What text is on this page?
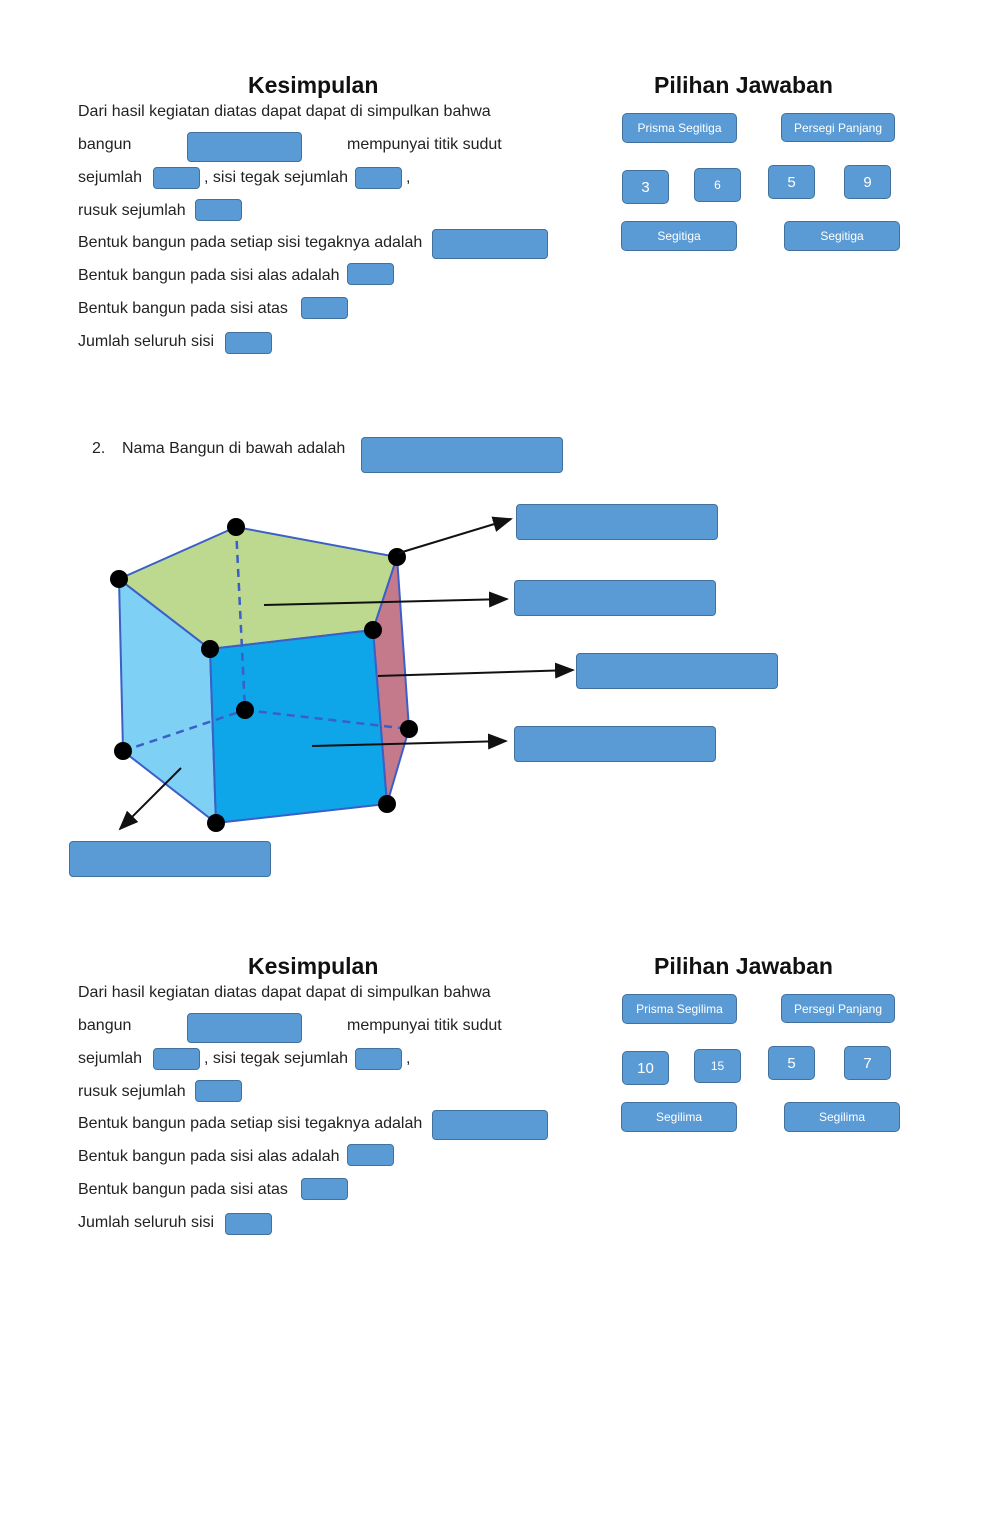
Kesimpulan	Pilihan Jawaban
Dari hasil kegiatan diatas dapat dapat di simpulkan bahwa
bangun	mempunyai titik sudut
sejumlah	, sisi tegak sejumlah	,
rusuk sejumlah
Bentuk bangun pada setiap sisi tegaknya adalah
Bentuk bangun pada sisi alas adalah
Bentuk bangun pada sisi atas
Jumlah seluruh sisi
Prisma Segitiga	Persegi Panjang
3	6	5	9
Segitiga	Segitiga
2. Nama Bangun di bawah adalah
Kesimpulan	Pilihan Jawaban
Dari hasil kegiatan diatas dapat dapat di simpulkan bahwa
bangun	mempunyai titik sudut
sejumlah	, sisi tegak sejumlah	,
rusuk sejumlah
Bentuk bangun pada setiap sisi tegaknya adalah
Bentuk bangun pada sisi alas adalah
Bentuk bangun pada sisi atas
Jumlah seluruh sisi
Prisma Segilima	Persegi Panjang
10	15	5	7
Segilima	Segilima
